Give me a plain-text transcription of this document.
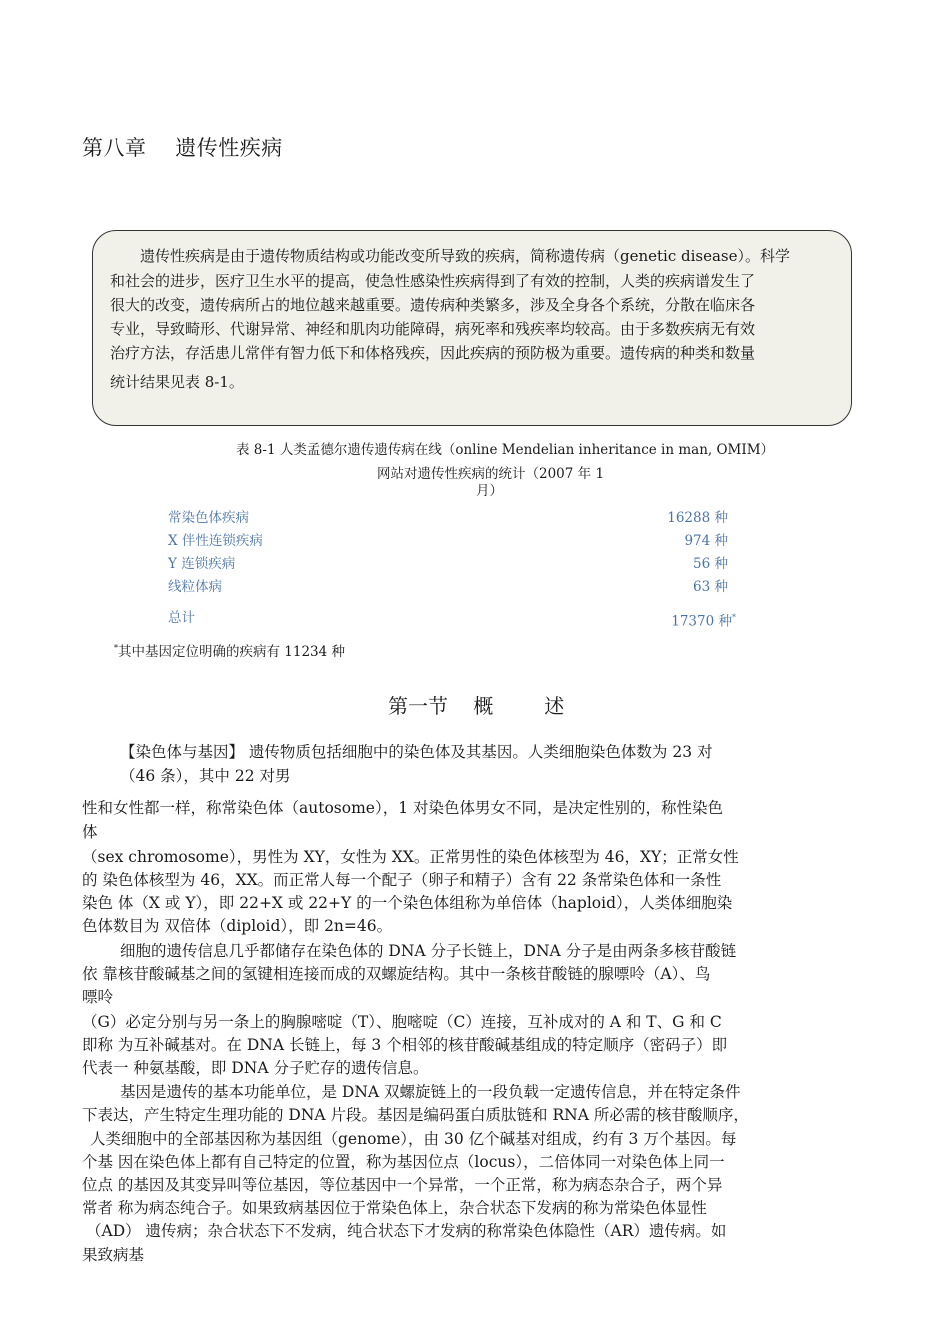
第八章    遗传性疾病
　　遗传性疾病是由于遗传物质结构或功能改变所导致的疾病，简称遗传病（genetic disease）。科学
和社会的进步，医疗卫生水平的提高，使急性感染性疾病得到了有效的控制，人类的疾病谱发生了
很大的改变，遗传病所占的地位越来越重要。遗传病种类繁多，涉及全身各个系统，分散在临床各
专业，导致畸形、代谢异常、神经和肌肉功能障碍，病死率和残疾率均较高。由于多数疾病无有效
治疗方法，存活患儿常伴有智力低下和体格残疾，因此疾病的预防极为重要。遗传病的种类和数量
统计结果见表 8-1。
表 8-1 人类孟德尔遗传遗传病在线（online Mendelian inheritance in man, OMIM）
网站对遗传性疾病的统计（2007 年 1
月）
常染色体疾病	16288 种
X 伴性连锁疾病	974 种
Y 连锁疾病	56 种
线粒体病	63 种
总计	17370 种*
*其中基因定位明确的疾病有 11234 种
第一节    概        述
【染色体与基因】 遗传物质包括细胞中的染色体及其基因。人类细胞染色体数为 23 对
（46 条），其中 22 对男
性和女性都一样，称常染色体（autosome），1 对染色体男女不同，是决定性别的，称性染色
体
（sex chromosome），男性为 XY，女性为 XX。正常男性的染色体核型为 46，XY；正常女性
的 染色体核型为 46，XX。而正常人每一个配子（卵子和精子）含有 22 条常染色体和一条性
染色 体（X 或 Y），即 22+X 或 22+Y 的一个染色体组称为单倍体（haploid），人类体细胞染
色体数目为 双倍体（diploid），即 2n=46。
细胞的遗传信息几乎都储存在染色体的 DNA 分子长链上，DNA 分子是由两条多核苷酸链
依 靠核苷酸碱基之间的氢键相连接而成的双螺旋结构。其中一条核苷酸链的腺嘌呤（A）、鸟
嘌呤
（G）必定分别与另一条上的胸腺嘧啶（T）、胞嘧啶（C）连接，互补成对的 A 和 T、G 和 C
即称 为互补碱基对。在 DNA 长链上，每 3 个相邻的核苷酸碱基组成的特定顺序（密码子）即
代表一 种氨基酸，即 DNA 分子贮存的遗传信息。
基因是遗传的基本功能单位，是 DNA 双螺旋链上的一段负载一定遗传信息，并在特定条件
下表达，产生特定生理功能的 DNA 片段。基因是编码蛋白质肽链和 RNA 所必需的核苷酸顺序，
人类细胞中的全部基因称为基因组（genome），由 30 亿个碱基对组成，约有 3 万个基因。每
个基 因在染色体上都有自己特定的位置，称为基因位点（locus），二倍体同一对染色体上同一
位点 的基因及其变异叫等位基因，等位基因中一个异常，一个正常，称为病态杂合子，两个异
常者 称为病态纯合子。如果致病基因位于常染色体上，杂合状态下发病的称为常染色体显性
（AD） 遗传病；杂合状态下不发病，纯合状态下才发病的称常染色体隐性（AR）遗传病。如
果致病基
